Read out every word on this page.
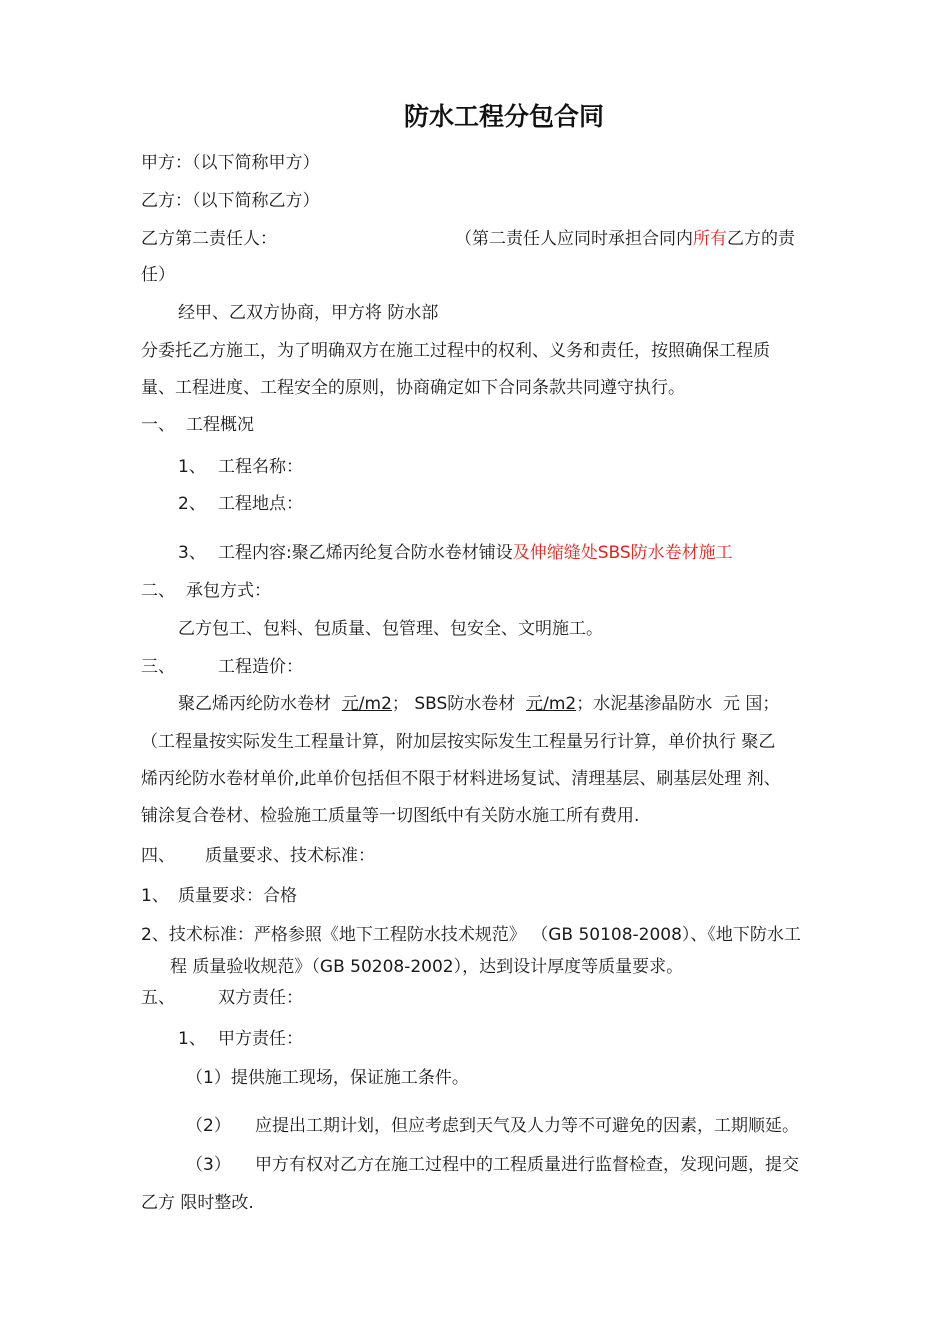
防水工程分包合同
甲方：（以下简称甲方）
乙方：（以下简称乙方）
乙方第二责任人：	（第二责任人应同时承担合同内所有乙方的责
任）
经甲、乙双方协商，甲方将 防水部
分委托乙方施工，为了明确双方在施工过程中的权利、义务和责任，按照确保工程质
量、工程进度、工程安全的原则，协商确定如下合同条款共同遵守执行。
一、 工程概况
1、 工程名称：
2、 工程地点：
3、 工程内容:聚乙烯丙纶复合防水卷材铺设及伸缩缝处SBS防水卷材施工
二、 承包方式：
乙方包工、包料、包质量、包管理、包安全、文明施工。
三、	工程造价：
聚乙烯丙纶防水卷材 元/m2； SBS防水卷材 元/m2；水泥基渗晶防水 元 国；
（工程量按实际发生工程量计算，附加层按实际发生工程量另行计算，单价执行 聚乙
烯丙纶防水卷材单价,此单价包括但不限于材料进场复试、清理基层、刷基层处理 剂、
铺涂复合卷材、检验施工质量等一切图纸中有关防水施工所有费用.
四、 质量要求、技术标准：
1、 质量要求：合格
2、技术标准：严格参照《地下工程防水技术规范》 （GB 50108-2008）、《地下防水工
程 质量验收规范》（GB 50208-2002），达到设计厚度等质量要求。
五、	双方责任：
1、 甲方责任：
（1）提供施工现场，保证施工条件。
（2） 应提出工期计划，但应考虑到天气及人力等不可避免的因素，工期顺延。
（3） 甲方有权对乙方在施工过程中的工程质量进行监督检查，发现问题，提交
乙方 限时整改.
